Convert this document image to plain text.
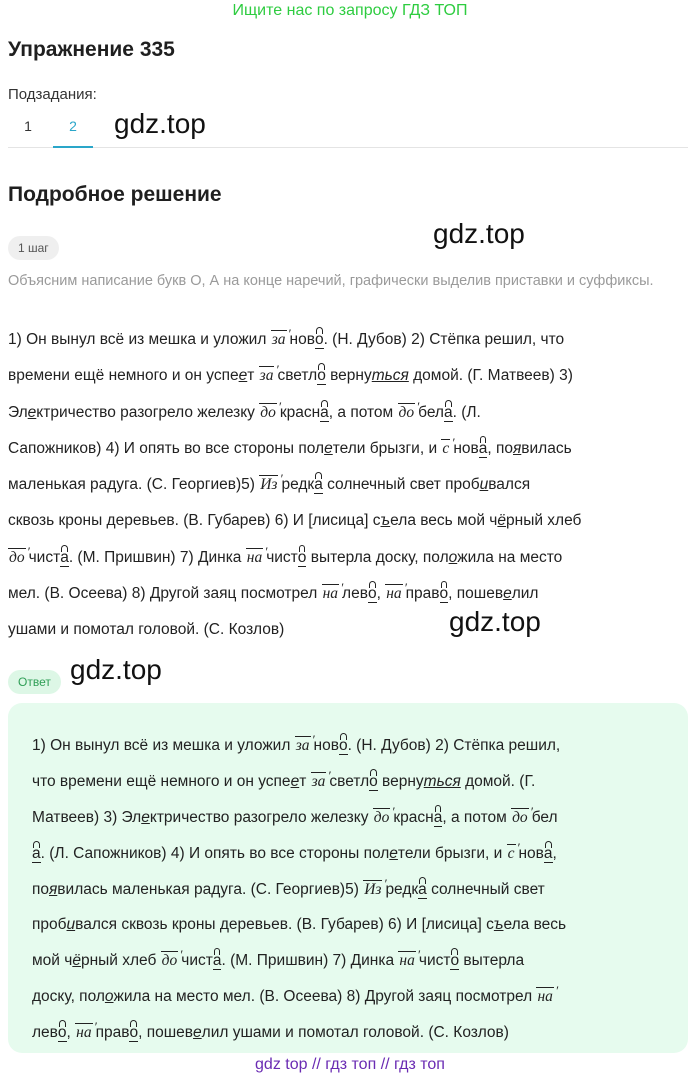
Ищите нас по запросу ГДЗ ТОП
Упражнение 335
Подзадания:
1	2	gdz.top
gdz.top
gdz.top
gdz.top
Подробное решение
1 шаг
Объясним написание букв О, А на конце наречий, графически выделив приставки и суффиксы.
1) Он вынул всё из мешка и уложил за ′ ново. (Н. Дубов) 2) Стёпка решил, что
времени ещё немного и он успеет за ′ светло вернуться домой. (Г. Матвеев) 3)
Электричество разогрело железку до ′ красна, а потом до ′ бела. (Л.
Сапожников) 4) И опять во все стороны полетели брызги, и с ′ нова, появилась
маленькая радуга. (С. Георгиев)5) Из ′ редка солнечный свет пробивался
сквозь кроны деревьев. (В. Губарев) 6) И [лисица] съела весь мой чёрный хлеб
до ′ чиста. (М. Пришвин) 7) Динка на ′ чисто вытерла доску, положила на место
мел. (В. Осеева) 8) Другой заяц посмотрел на ′ лево, на ′ право, пошевелил
ушами и помотал головой. (С. Козлов)
Ответ
1) Он вынул всё из мешка и уложил за ′ ново. (Н. Дубов) 2) Стёпка решил,
что времени ещё немного и он успеет за ′ светло вернуться домой. (Г.
Матвеев) 3) Электричество разогрело железку до ′ красна, а потом до ′ бел
а. (Л. Сапожников) 4) И опять во все стороны полетели брызги, и с ′ нова,
появилась маленькая радуга. (С. Георгиев)5) Из ′ редка солнечный свет
пробивался сквозь кроны деревьев. (В. Губарев) 6) И [лисица] съела весь
мой чёрный хлеб до ′ чиста. (М. Пришвин) 7) Динка на ′ чисто вытерла
доску, положила на место мел. (В. Осеева) 8) Другой заяц посмотрел на ′
лево, на ′ право, пошевелил ушами и помотал головой. (С. Козлов)
gdz top // гдз топ // гдз топ
